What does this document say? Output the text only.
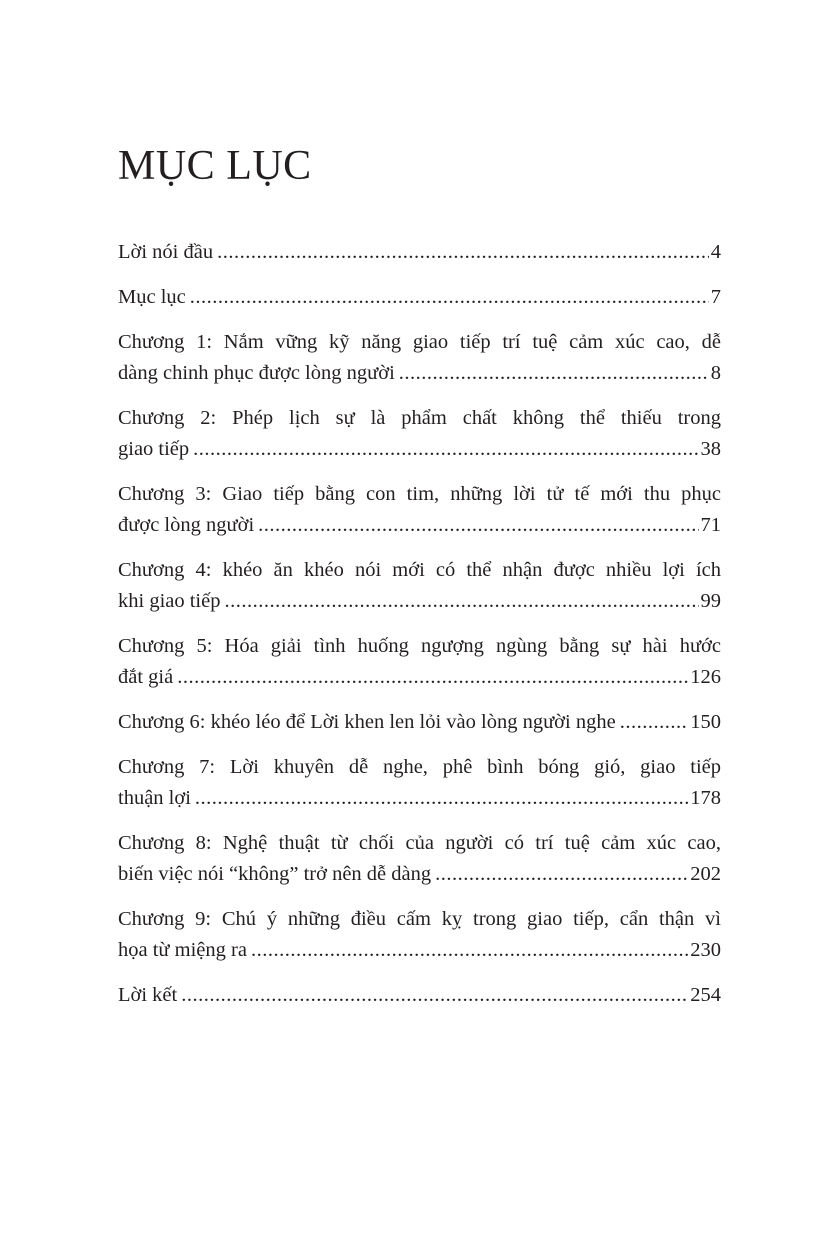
MỤC LỤC
Lời nói đầu .....	4
Mục lục .....	7
Chương 1: Nắm vững kỹ năng giao tiếp trí tuệ cảm xúc cao, dễ
dàng chinh phục được lòng người .....	8
Chương 2: Phép lịch sự là phẩm chất không thể thiếu trong
giao tiếp .....	38
Chương 3: Giao tiếp bằng con tim, những lời tử tế mới thu phục
được lòng người .....	71
Chương 4: khéo ăn khéo nói mới có thể nhận được nhiều lợi ích
khi giao tiếp .....	99
Chương 5: Hóa giải tình huống ngượng ngùng bằng sự hài hước
đắt giá .....	126
Chương 6: khéo léo để Lời khen len lỏi vào lòng người nghe .....	150
Chương 7: Lời khuyên dễ nghe, phê bình bóng gió, giao tiếp
thuận lợi .....	178
Chương 8: Nghệ thuật từ chối của người có trí tuệ cảm xúc cao,
biến việc nói “không” trở nên dễ dàng .....	202
Chương 9: Chú ý những điều cấm kỵ trong giao tiếp, cẩn thận vì
họa từ miệng ra .....	230
Lời kết .....	254
